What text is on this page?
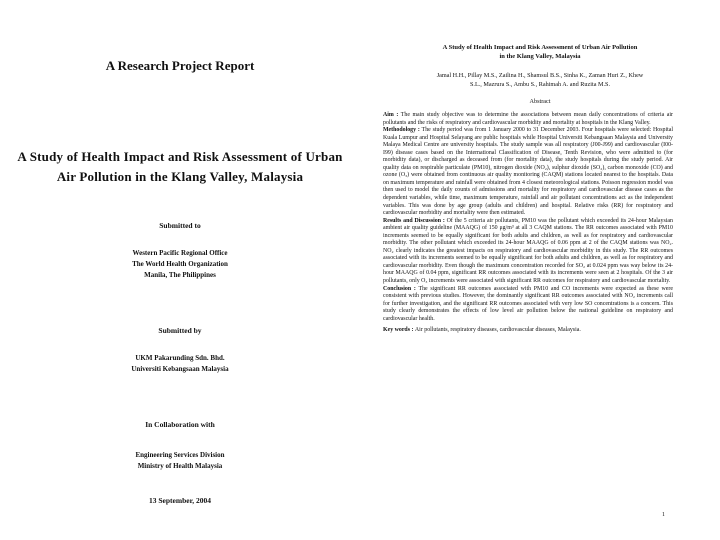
A Research Project Report

A Study of Health Impact and Risk Assessment of Urban
Air Pollution in the Klang Valley, Malaysia

Submitted to

Western Pacific Regional Office
The World Health Organization
Manila, The Philippines

Submitted by

UKM Pakarunding Sdn. Bhd.
Universiti Kebangsaan Malaysia

In Collaboration with

Engineering Services Division
Ministry of Health Malaysia

13 September, 2004

A Study of Health Impact and Risk Assessment of Urban Air Pollution
in the Klang Valley, Malaysia
Jamal H.H., Pillay M.S., Zailina H., Shamsul B.S., Sinha K., Zaman Huri Z., Khew
S.L., Mazrura S., Ambu S., Rahimah A. and Ruzita M.S.
Abstract

Aim : The main study objective was to determine the associations between mean daily concentrations of criteria air pollutants and the risks of respiratory and cardiovascular morbidity and mortality at hospitals in the Klang Valley.

Methodology : The study period was from 1 January 2000 to 31 December 2003. Four hospitals were selected: Hospital Kuala Lumpur and Hospital Selayang are public hospitals while Hospital Universiti Kebangsaan Malaysia and University Malaya Medical Centre are university hospitals. The study sample was all respiratory (J00-J99) and cardiovascular (I00-I99) disease cases based on the International Classification of Disease, Tenth Revision, who were admitted to (for morbidity data), or discharged as deceased from (for mortality data), the study hospitals during the study period. Air quality data on respirable particulate (PM10), nitrogen dioxide (NO₂), sulphur dioxide (SO₂), carbon monoxide (CO) and ozone (O₃) were obtained from continuous air quality monitoring (CAQM) stations located nearest to the hospitals. Data on maximum temperature and rainfall were obtained from 4 closest meteorological stations. Poisson regression model was then used to model the daily counts of admissions and mortality for respiratory and cardiovascular disease cases as the dependent variables, while time, maximum temperature, rainfall and air pollutant concentrations act as the independent variables. This was done by age group (adults and children) and hospital. Relative risks (RR) for respiratory and cardiovascular morbidity and mortality were then estimated.

Results and Discussion : Of the 5 criteria air pollutants, PM10 was the pollutant which exceeded its 24-hour Malaysian ambient air quality guideline (MAAQG) of 150 μg/m³ at all 3 CAQM stations. The RR outcomes associated with PM10 increments seemed to be equally significant for both adults and children, as well as for respiratory and cardiovascular morbidity. The other pollutant which exceeded its 24-hour MAAQG of 0.06 ppm at 2 of the CAQM stations was NO₂. NO₂ clearly indicates the greatest impacts on respiratory and cardiovascular morbidity in this study. The RR outcomes associated with its increments seemed to be equally significant for both adults and children, as well as for respiratory and cardiovascular morbidity. Even though the maximum concentration recorded for SO₂ at 0.024 ppm was way below its 24-hour MAAQG of 0.04 ppm, significant RR outcomes associated with its increments were seen at 2 hospitals. Of the 3 air pollutants, only O₃ increments were associated with significant RR outcomes for respiratory and cardiovascular mortality.

Conclusion : The significant RR outcomes associated with PM10 and CO increments were expected as these were consistent with previous studies. However, the dominantly significant RR outcomes associated with NO₂ increments call for further investigation, and the significant RR outcomes associated with very low SO concentrations is a concern. This study clearly demonstrates the effects of low level air pollution below the national guideline on respiratory and cardiovascular health.

Key words : Air pollutants, respiratory diseases, cardiovascular diseases, Malaysia.

1
